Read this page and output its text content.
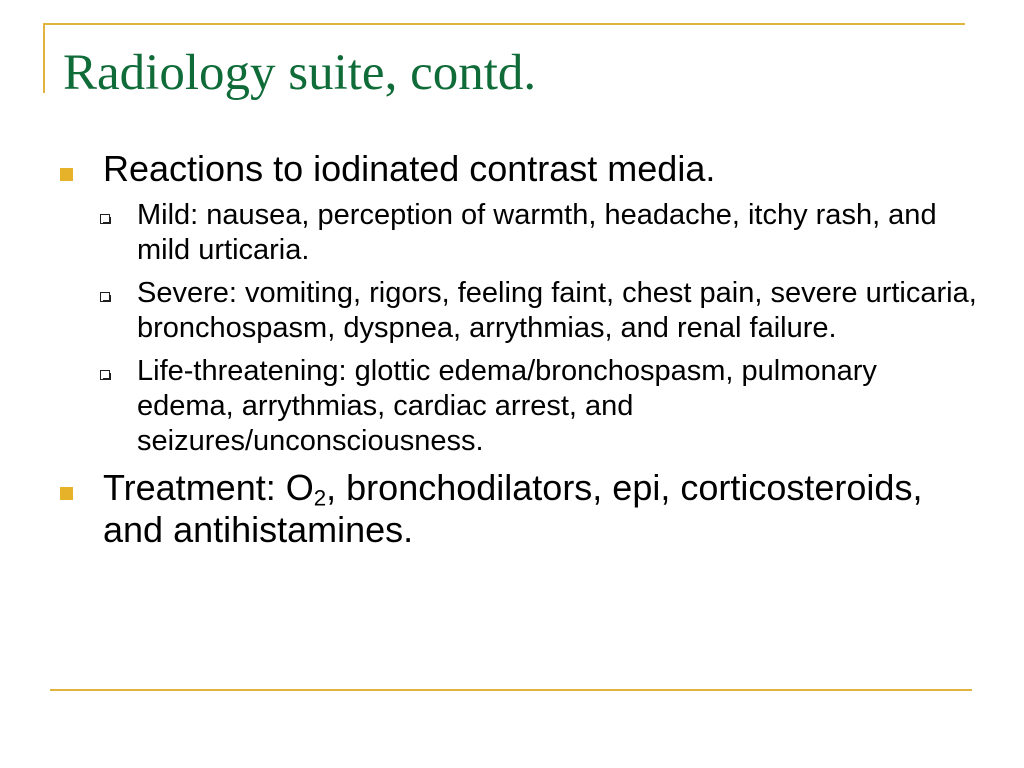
Radiology suite, contd.
Reactions to iodinated contrast media.
Mild: nausea, perception of warmth, headache, itchy rash, and mild urticaria.
Severe: vomiting, rigors, feeling faint, chest pain, severe urticaria, bronchospasm, dyspnea, arrythmias, and renal failure.
Life-threatening: glottic edema/bronchospasm, pulmonary edema, arrythmias, cardiac arrest, and seizures/unconsciousness.
Treatment: $O_2$, bronchodilators, epi, corticosteroids, and antihistamines.
